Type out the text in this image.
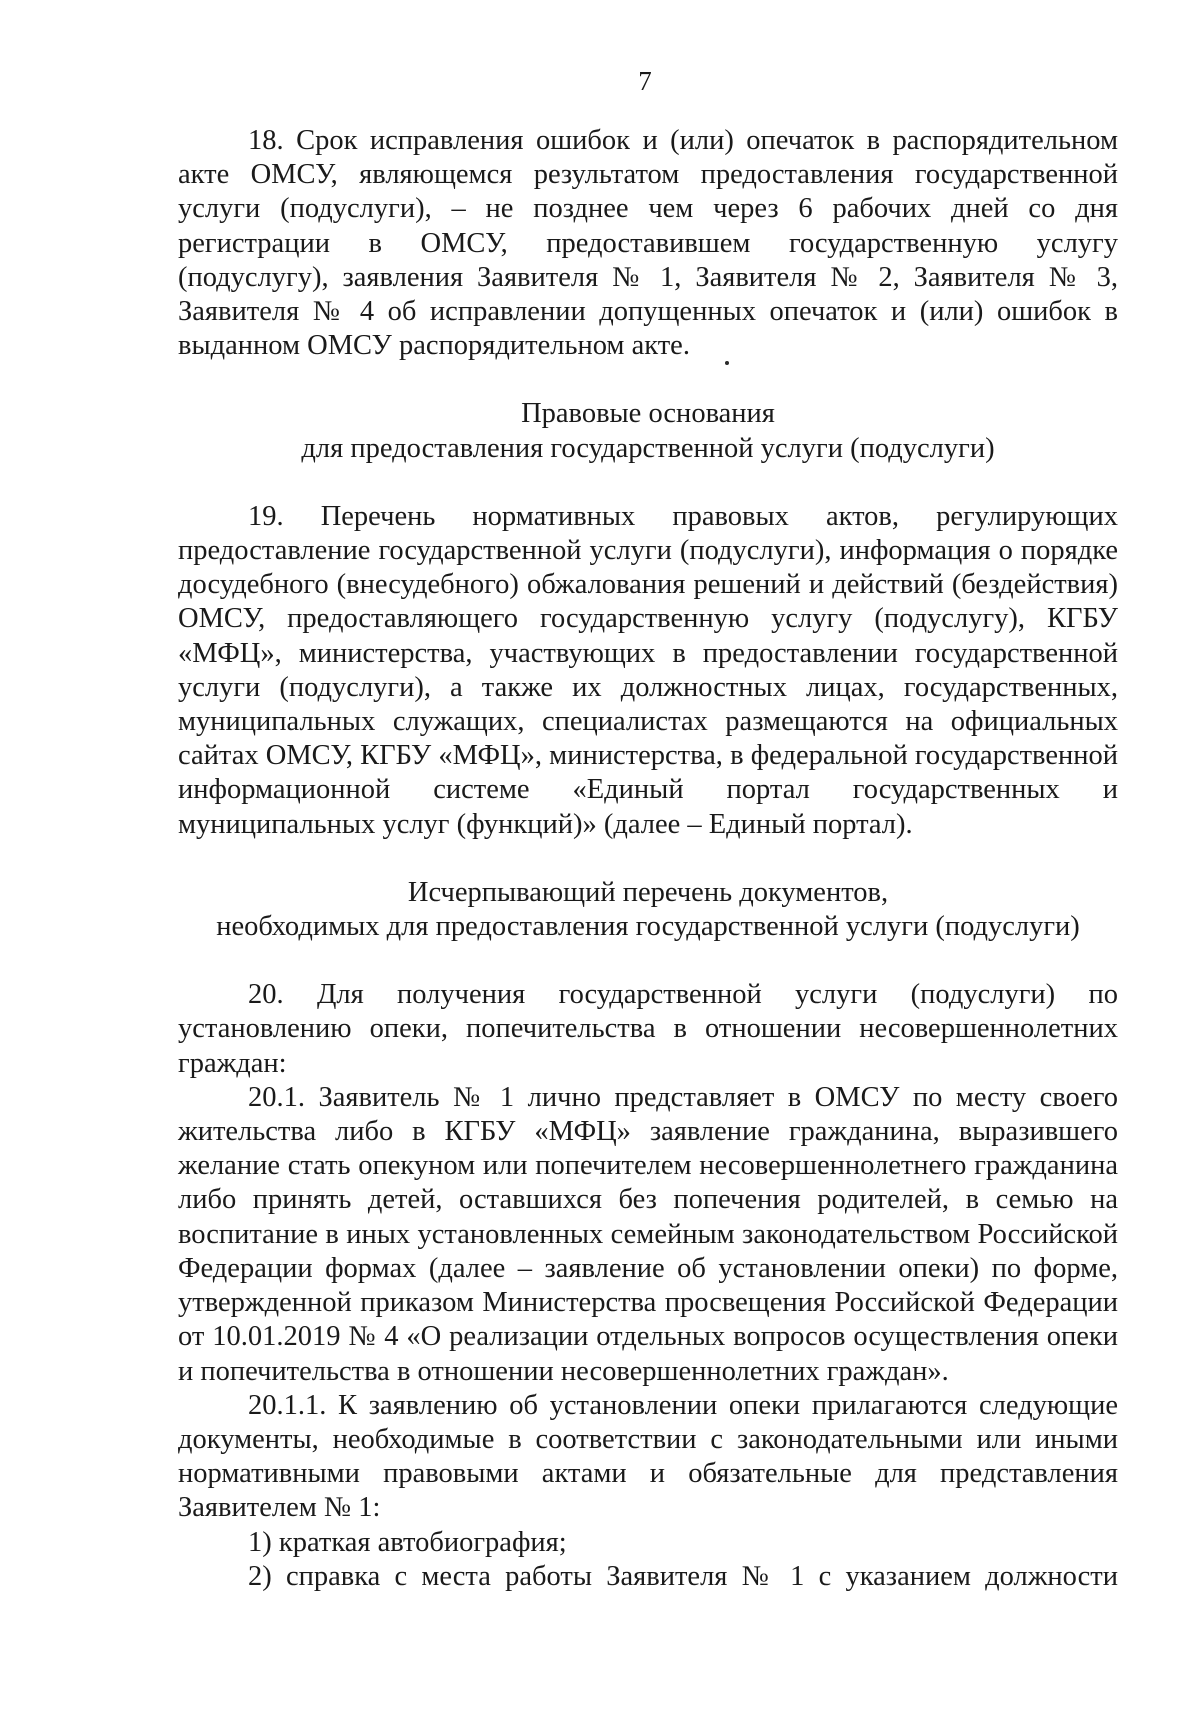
7

18. Срок исправления ошибок и (или) опечаток в распорядительном акте ОМСУ, являющемся результатом предоставления государственной услуги (подуслуги), – не позднее чем через 6 рабочих дней со дня регистрации в ОМСУ, предоставившем государственную услугу (подуслугу), заявления Заявителя № 1, Заявителя № 2, Заявителя № 3, Заявителя № 4 об исправлении допущенных опечаток и (или) ошибок в выданном ОМСУ распорядительном акте.

Правовые основания

для предоставления государственной услуги (подуслуги)

19. Перечень нормативных правовых актов, регулирующих предоставление государственной услуги (подуслуги), информация о порядке досудебного (внесудебного) обжалования решений и действий (бездействия) ОМСУ, предоставляющего государственную услугу (подуслугу), КГБУ «МФЦ», министерства, участвующих в предоставлении государственной услуги (подуслуги), а также их должностных лицах, государственных, муниципальных служащих, специалистах размещаются на официальных сайтах ОМСУ, КГБУ «МФЦ», министерства, в федеральной государственной информационной системе «Единый портал государственных и муниципальных услуг (функций)» (далее – Единый портал).

Исчерпывающий перечень документов,

необходимых для предоставления государственной услуги (подуслуги)

20. Для получения государственной услуги (подуслуги) по установлению опеки, попечительства в отношении несовершеннолетних граждан:

20.1. Заявитель № 1 лично представляет в ОМСУ по месту своего жительства либо в КГБУ «МФЦ» заявление гражданина, выразившего желание стать опекуном или попечителем несовершеннолетнего гражданина либо принять детей, оставшихся без попечения родителей, в семью на воспитание в иных установленных семейным законодательством Российской Федерации формах (далее – заявление об установлении опеки) по форме, утвержденной приказом Министерства просвещения Российской Федерации от 10.01.2019 № 4 «О реализации отдельных вопросов осуществления опеки и попечительства в отношении несовершеннолетних граждан».

20.1.1. К заявлению об установлении опеки прилагаются следующие документы, необходимые в соответствии с законодательными или иными нормативными правовыми актами и обязательные для представления Заявителем № 1:

1) краткая автобиография;

2) справка с места работы Заявителя № 1 с указанием должности
